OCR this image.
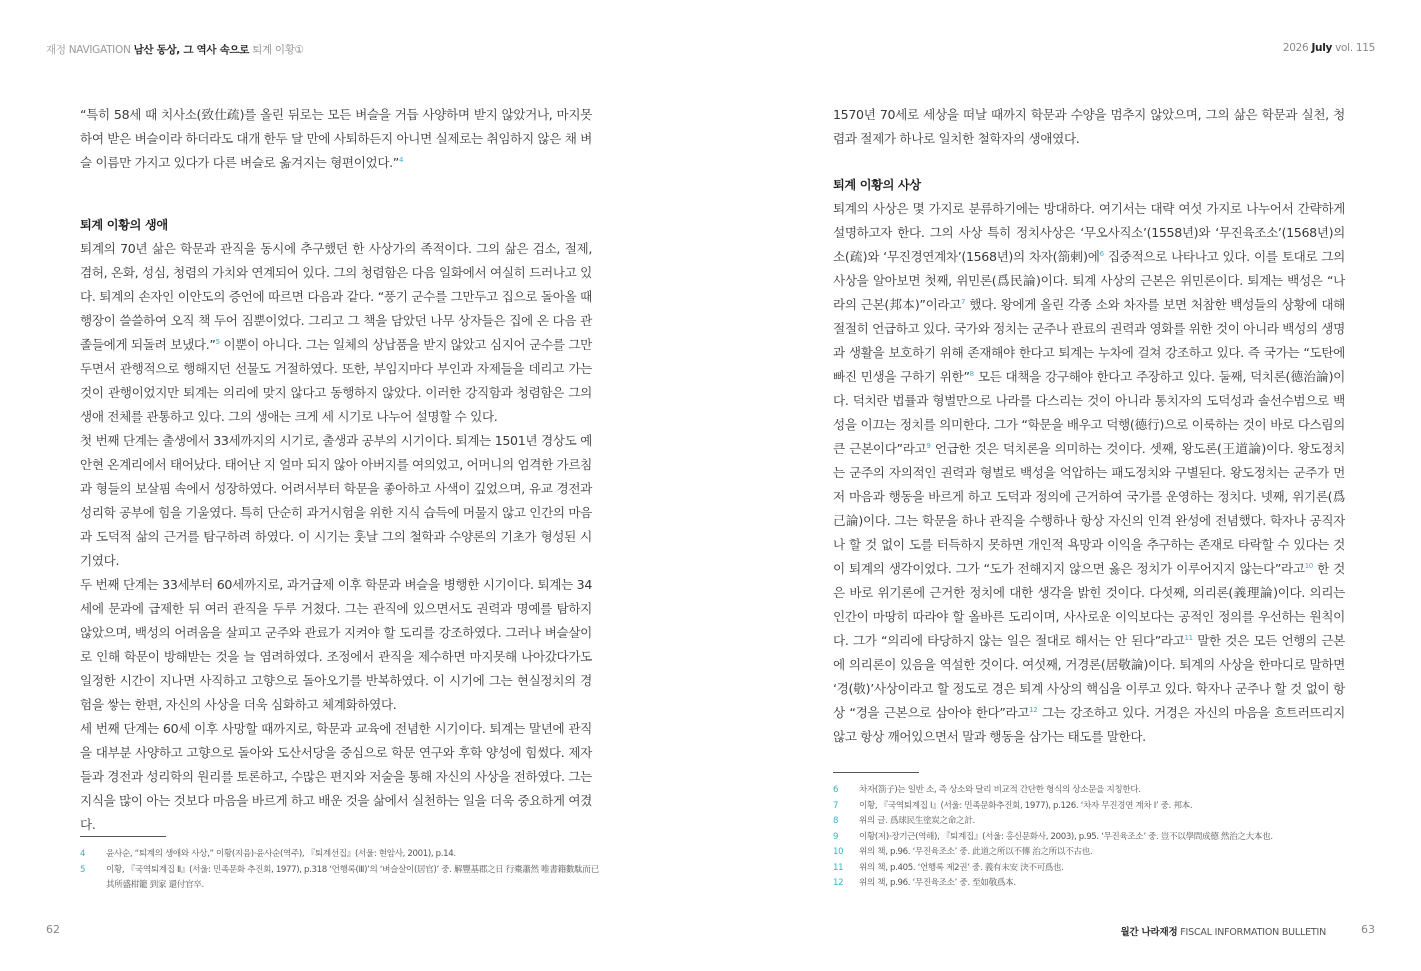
재정 NAVIGATION 남산 동상, 그 역사 속으로 퇴계 이황①	2026 July vol. 115

“특히 58세 때 치사소(致仕疏)를 올린 뒤로는 모든 벼슬을 거듭 사양하며 받지 않았거나, 마지못하여 받은 벼슬이라 하더라도 대개 한두 달 만에 사퇴하든지 아니면 실제로는 취임하지 않은 채 벼슬 이름만 가지고 있다가 다른 벼슬로 옮겨지는 형편이었다.”$^4$

퇴계 이황의 생애

퇴계의 70년 삶은 학문과 관직을 동시에 추구했던 한 사상가의 족적이다. 그의 삶은 검소, 절제, 겸허, 온화, 성심, 청렴의 가치와 연계되어 있다. 그의 청렴함은 다음 일화에서 여실히 드러나고 있다. 퇴계의 손자인 이안도의 증언에 따르면 다음과 같다. “풍기 군수를 그만두고 집으로 돌아올 때 행장이 쓸쓸하여 오직 책 두어 짐뿐이었다. 그리고 그 책을 담았던 나무 상자들은 집에 온 다음 관졸들에게 되돌려 보냈다.”$^5$ 이뿐이 아니다. 그는 일체의 상납품을 받지 않았고 심지어 군수를 그만두면서 관행적으로 행해지던 선물도 거절하였다. 또한, 부임지마다 부인과 자제들을 데리고 가는 것이 관행이었지만 퇴계는 의리에 맞지 않다고 동행하지 않았다. 이러한 강직함과 청렴함은 그의 생애 전체를 관통하고 있다. 그의 생애는 크게 세 시기로 나누어 설명할 수 있다.

첫 번째 단계는 출생에서 33세까지의 시기로, 출생과 공부의 시기이다. 퇴계는 1501년 경상도 예안현 온계리에서 태어났다. 태어난 지 얼마 되지 않아 아버지를 여의었고, 어머니의 엄격한 가르침과 형들의 보살핌 속에서 성장하였다. 어려서부터 학문을 좋아하고 사색이 깊었으며, 유교 경전과 성리학 공부에 힘을 기울였다. 특히 단순히 과거시험을 위한 지식 습득에 머물지 않고 인간의 마음과 도덕적 삶의 근거를 탐구하려 하였다. 이 시기는 훗날 그의 철학과 수양론의 기초가 형성된 시기였다.

두 번째 단계는 33세부터 60세까지로, 과거급제 이후 학문과 벼슬을 병행한 시기이다. 퇴계는 34세에 문과에 급제한 뒤 여러 관직을 두루 거쳤다. 그는 관직에 있으면서도 권력과 명예를 탐하지 않았으며, 백성의 어려움을 살피고 군주와 관료가 지켜야 할 도리를 강조하였다. 그러나 벼슬살이로 인해 학문이 방해받는 것을 늘 염려하였다. 조정에서 관직을 제수하면 마지못해 나아갔다가도 일정한 시간이 지나면 사직하고 고향으로 돌아오기를 반복하였다. 이 시기에 그는 현실정치의 경험을 쌓는 한편, 자신의 사상을 더욱 심화하고 체계화하였다.

세 번째 단계는 60세 이후 사망할 때까지로, 학문과 교육에 전념한 시기이다. 퇴계는 말년에 관직을 대부분 사양하고 고향으로 돌아와 도산서당을 중심으로 학문 연구와 후학 양성에 힘썼다. 제자들과 경전과 성리학의 원리를 토론하고, 수많은 편지와 저술을 통해 자신의 사상을 전하였다. 그는 지식을 많이 아는 것보다 마음을 바르게 하고 배운 것을 삶에서 실천하는 일을 더욱 중요하게 여겼다.

4	윤사순, “퇴계의 생애와 사상,” 이황(지음)·윤사순(역주), 『퇴계선집』(서울: 현암사, 2001), p.14.
5	이황, 『국역퇴계집 Ⅱ』(서울: 민족문화 추진회, 1977), p.318 ‘언행록(Ⅲ)’의 ‘벼슬살이(居官)’ 중. 解豐基郡之日 行橐蕭然 唯書籍數駄而已 其所盛柑籠 到家 還付官卒.

1570년 70세로 세상을 떠날 때까지 학문과 수양을 멈추지 않았으며, 그의 삶은 학문과 실천, 청렴과 절제가 하나로 일치한 철학자의 생애였다.

퇴계 이황의 사상

퇴계의 사상은 몇 가지로 분류하기에는 방대하다. 여기서는 대략 여섯 가지로 나누어서 간략하게 설명하고자 한다. 그의 사상 특히 정치사상은 ‘무오사직소’(1558년)와 ‘무진육조소’(1568년)의 소(疏)와 ‘무진경연계차’(1568년)의 차자(箚剌)에$^6$ 집중적으로 나타나고 있다. 이를 토대로 그의 사상을 알아보면 첫째, 위민론(爲民論)이다. 퇴계 사상의 근본은 위민론이다. 퇴계는 백성은 “나라의 근본(邦本)”이라고$^7$ 했다. 왕에게 올린 각종 소와 차자를 보면 처참한 백성들의 상황에 대해 절절히 언급하고 있다. 국가와 정치는 군주나 관료의 권력과 영화를 위한 것이 아니라 백성의 생명과 생활을 보호하기 위해 존재해야 한다고 퇴계는 누차에 걸쳐 강조하고 있다. 즉 국가는 “도탄에 빠진 민생을 구하기 위한”$^8$ 모든 대책을 강구해야 한다고 주장하고 있다. 둘째, 덕치론(德治論)이다. 덕치란 법률과 형벌만으로 나라를 다스리는 것이 아니라 통치자의 도덕성과 솔선수범으로 백성을 이끄는 정치를 의미한다. 그가 “학문을 배우고 덕행(德行)으로 이룩하는 것이 바로 다스림의 큰 근본이다”라고$^9$ 언급한 것은 덕치론을 의미하는 것이다. 셋째, 왕도론(王道論)이다. 왕도정치는 군주의 자의적인 권력과 형벌로 백성을 억압하는 패도정치와 구별된다. 왕도정치는 군주가 먼저 마음과 행동을 바르게 하고 도덕과 정의에 근거하여 국가를 운영하는 정치다. 넷째, 위기론(爲己論)이다. 그는 학문을 하나 관직을 수행하나 항상 자신의 인격 완성에 전념했다. 학자나 공직자나 할 것 없이 도를 터득하지 못하면 개인적 욕망과 이익을 추구하는 존재로 타락할 수 있다는 것이 퇴계의 생각이었다. 그가 “도가 전해지지 않으면 옳은 정치가 이루어지지 않는다”라고$^{10}$ 한 것은 바로 위기론에 근거한 정치에 대한 생각을 밝힌 것이다. 다섯째, 의리론(義理論)이다. 의리는 인간이 마땅히 따라야 할 올바른 도리이며, 사사로운 이익보다는 공적인 정의를 우선하는 원칙이다. 그가 “의리에 타당하지 않는 일은 절대로 해서는 안 된다”라고$^{11}$ 말한 것은 모든 언행의 근본에 의리론이 있음을 역설한 것이다. 여섯째, 거경론(居敬論)이다. 퇴계의 사상을 한마디로 말하면 ‘경(敬)’사상이라고 할 정도로 경은 퇴계 사상의 핵심을 이루고 있다. 학자나 군주나 할 것 없이 항상 “경을 근본으로 삼아야 한다”라고$^{12}$ 그는 강조하고 있다. 거경은 자신의 마음을 흐트러뜨리지 않고 항상 깨어있으면서 말과 행동을 삼가는 태도를 말한다.

6	차자(箚子)는 일반 소, 즉 상소와 달리 비교적 간단한 형식의 상소문을 지칭한다.
7	이황, 『국역퇴계집 Ⅰ』(서울: 민족문화추진회, 1977), p.126. ‘차자 무진경연 계차 Ⅰ’ 중. 邦本.
8	위의 글. 爲球民生塗炭之命之計.
9	이황(저)·장기근(역해), 『퇴계집』(서울: 홍신문화사, 2003), p.95. ‘무진육조소’ 중. 豈不以學問成德 然治之大本也.
10	위의 책, p.96. ‘무진육조소’ 중. 此道之所以不傳 治之所以不古也.
11	위의 책, p.405. ‘언행록 제2권’ 중. 義有未安 決不可爲也.
12	위의 책, p.96. ‘무진육조소’ 중. 至如敬爲本.
62	월간 나라재정 FISCAL INFORMATION BULLETIN	63
